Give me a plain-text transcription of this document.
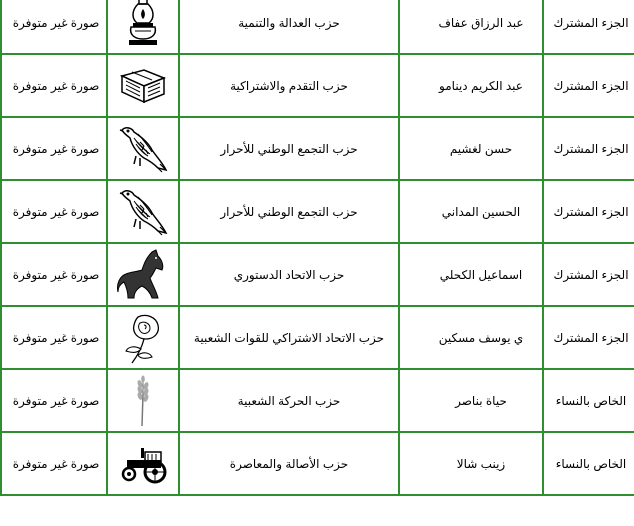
صورة غير متوفرة		حزب العدالة والتنمية	عبد الرزاق عفاف	الجزء المشترك
صورة غير متوفرة		حزب التقدم والاشتراكية	عبد الكريم دينامو	الجزء المشترك
صورة غير متوفرة		حزب التجمع الوطني للأحرار	حسن لغشيم	الجزء المشترك
صورة غير متوفرة		حزب التجمع الوطني للأحرار	الحسين المداني	الجزء المشترك
صورة غير متوفرة		حزب الاتحاد الدستوري	اسماعيل الكحلي	الجزء المشترك
صورة غير متوفرة		حزب الاتحاد الاشتراكي للقوات الشعبية	ي يوسف مسكين	الجزء المشترك
صورة غير متوفرة		حزب الحركة الشعبية	حياة بناصر	الخاص بالنساء
صورة غير متوفرة		حزب الأصالة والمعاصرة	زينب شالا	الخاص بالنساء
